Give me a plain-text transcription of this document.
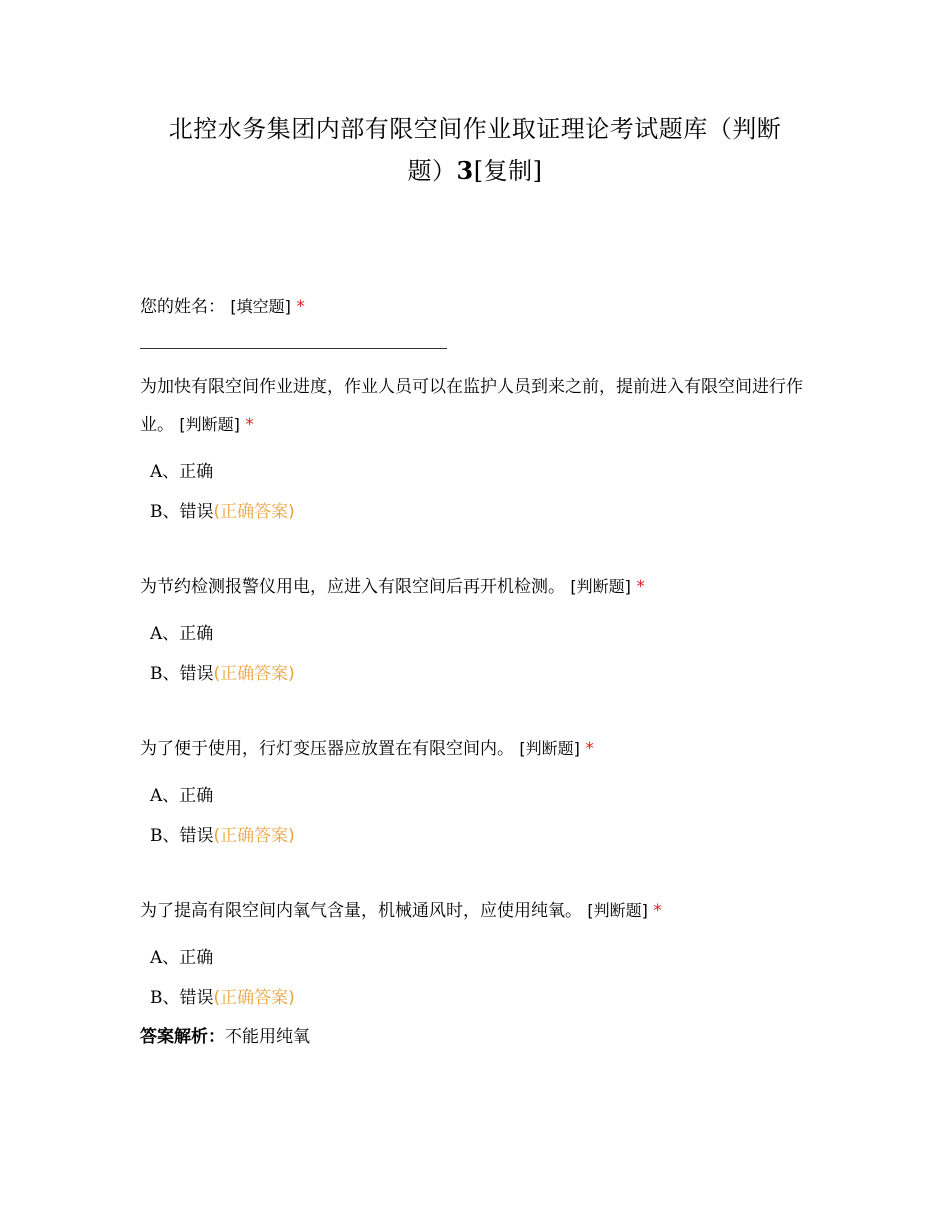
北控水务集团内部有限空间作业取证理论考试题库（判断
题）3[复制]
您的姓名： [填空题] *
为加快有限空间作业进度，作业人员可以在监护人员到来之前，提前进入有限空间进行作业。 [判断题] *
A、正确
B、错误(正确答案)
为节约检测报警仪用电，应进入有限空间后再开机检测。 [判断题] *
A、正确
B、错误(正确答案)
为了便于使用，行灯变压器应放置在有限空间内。 [判断题] *
A、正确
B、错误(正确答案)
为了提高有限空间内氧气含量，机械通风时，应使用纯氧。 [判断题] *
A、正确
B、错误(正确答案)
答案解析：不能用纯氧
